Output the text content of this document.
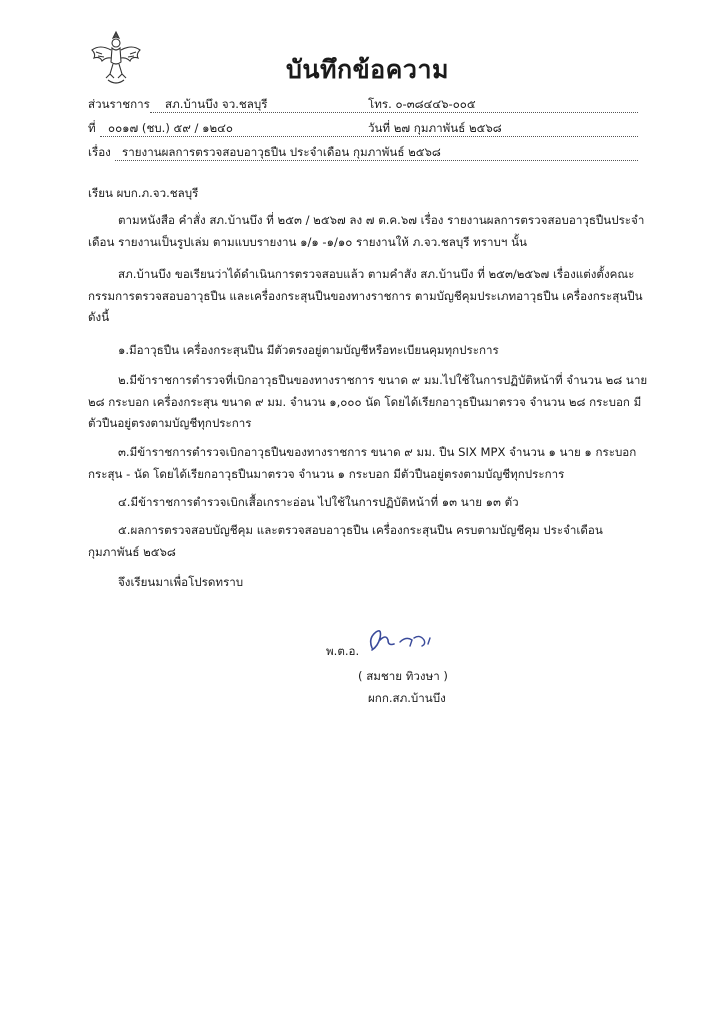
บันทึกข้อความ
ส่วนราชการ สภ.บ้านบึง จว.ชลบุรี	โทร. ๐-๓๘๔๔๖-๐๐๕
ที่ ๐๐๑๗ (ชบ.) ๕๙ / ๑๒๔๐	วันที่ ๒๗ กุมภาพันธ์ ๒๕๖๘
เรื่อง รายงานผลการตรวจสอบอาวุธปืน ประจำเดือน กุมภาพันธ์ ๒๕๖๘
เรียน ผบก.ภ.จว.ชลบุรี
ตามหนังสือ คำสั่ง สภ.บ้านบึง ที่ ๒๕๓ / ๒๕๖๗ ลง ๗ ต.ค.๖๗ เรื่อง รายงานผลการตรวจสอบอาวุธปืนประจำเดือน รายงานเป็นรูปเล่ม ตามแบบรายงาน ๑/๑ -๑/๑๐ รายงานให้ ภ.จว.ชลบุรี ทราบฯ นั้น
สภ.บ้านบึง ขอเรียนว่าได้ดำเนินการตรวจสอบแล้ว ตามคำสัง สภ.บ้านบึง ที่ ๒๕๓/๒๕๖๗ เรื่องแต่งตั้งคณะกรรมการตรวจสอบอาวุธปืน และเครื่องกระสุนปืนของทางราชการ ตามบัญชีคุมประเภทอาวุธปืน เครื่องกระสุนปืน ดังนี้
๑.มีอาวุธปืน เครื่องกระสุนปืน มีตัวตรงอยู่ตามบัญชีหรือทะเบียนคุมทุกประการ
๒.มีข้าราชการตำรวจที่เบิกอาวุธปืนของทางราชการ ขนาด ๙ มม.ไปใช้ในการปฏิบัติหน้าที่ จำนวน ๒๘ นาย ๒๘ กระบอก เครื่องกระสุน ขนาด ๙ มม. จำนวน ๑,๐๐๐ นัด โดยได้เรียกอาวุธปืนมาตรวจ จำนวน ๒๘ กระบอก มีตัวปืนอยู่ตรงตามบัญชีทุกประการ
๓.มีข้าราชการตำรวจเบิกอาวุธปืนของทางราชการ ขนาด ๙ มม. ปืน SIX MPX จำนวน ๑ นาย ๑ กระบอก กระสุน - นัด โดยได้เรียกอาวุธปืนมาตรวจ จำนวน ๑ กระบอก มีตัวปืนอยู่ตรงตามบัญชีทุกประการ
๔.มีข้าราชการตำรวจเบิกเสื้อเกราะอ่อน ไปใช้ในการปฏิบัติหน้าที่ ๑๓ นาย ๑๓ ตัว
๕.ผลการตรวจสอบบัญชีคุม และตรวจสอบอาวุธปืน เครื่องกระสุนปืน ครบตามบัญชีคุม ประจำเดือนกุมภาพันธ์ ๒๕๖๘
จึงเรียนมาเพื่อโปรดทราบ
พ.ต.อ.
( สมชาย ทิวงษา )
ผกก.สภ.บ้านบึง
